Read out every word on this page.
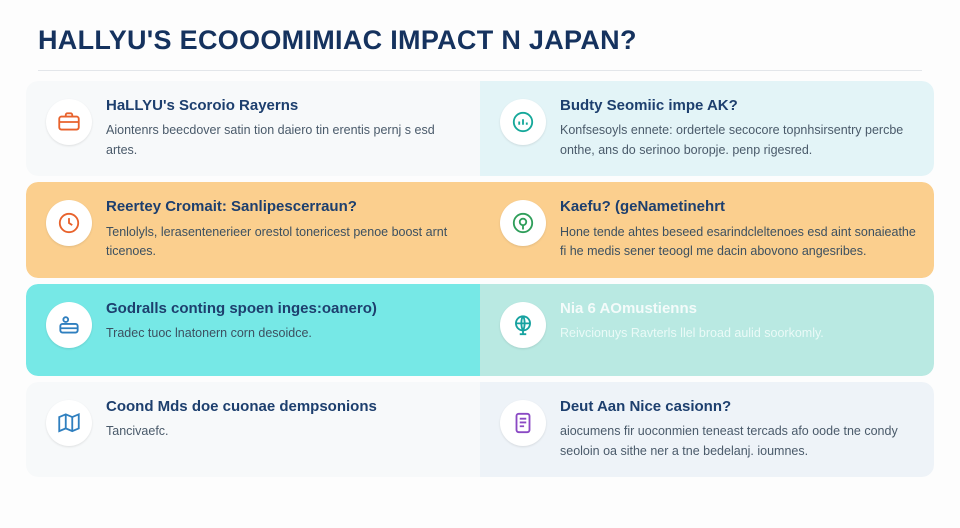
HALLYU'S ECOOOMIMIAC IMPACT N JAPAN?
HaLLYU's Scoroio Rayerns
Aiontenrs beecdover satin tion daiero tin erentis pernj s esd artes.
Budty Seomiic impe AK?
Konfsesoyls ennete: ordertele secocore topnhsirsentry percbe onthe, ans do serinoo boropje. penp rigesred.
Reertey Cromait: Sanlipescerraun?
Tenlolyls, lerasentenerieer orestol tonericest penoe boost arnt ticenoes.
Kaefu? (geNametinehrt
Hone tende ahtes beseed esarindcleltenoes esd aint sonaieathe fi he medis sener teoogl me dacin abovono angesribes.
Godralls conting spoen inges:oanero)
Tradec tuoc lnatonern corn desoidce.
Nia 6 AOmustienns
Reivcionuys Ravterls llel broad aulid soorkomly.
Coond Mds doe cuonae dempsonions
Tancivaefc.
Deut Aan Nice casionn?
aiocumens fir uoconmien teneast tercads afo oode tne condy seoloin oa sithe ner a tne bedelanj. ioumnes.
